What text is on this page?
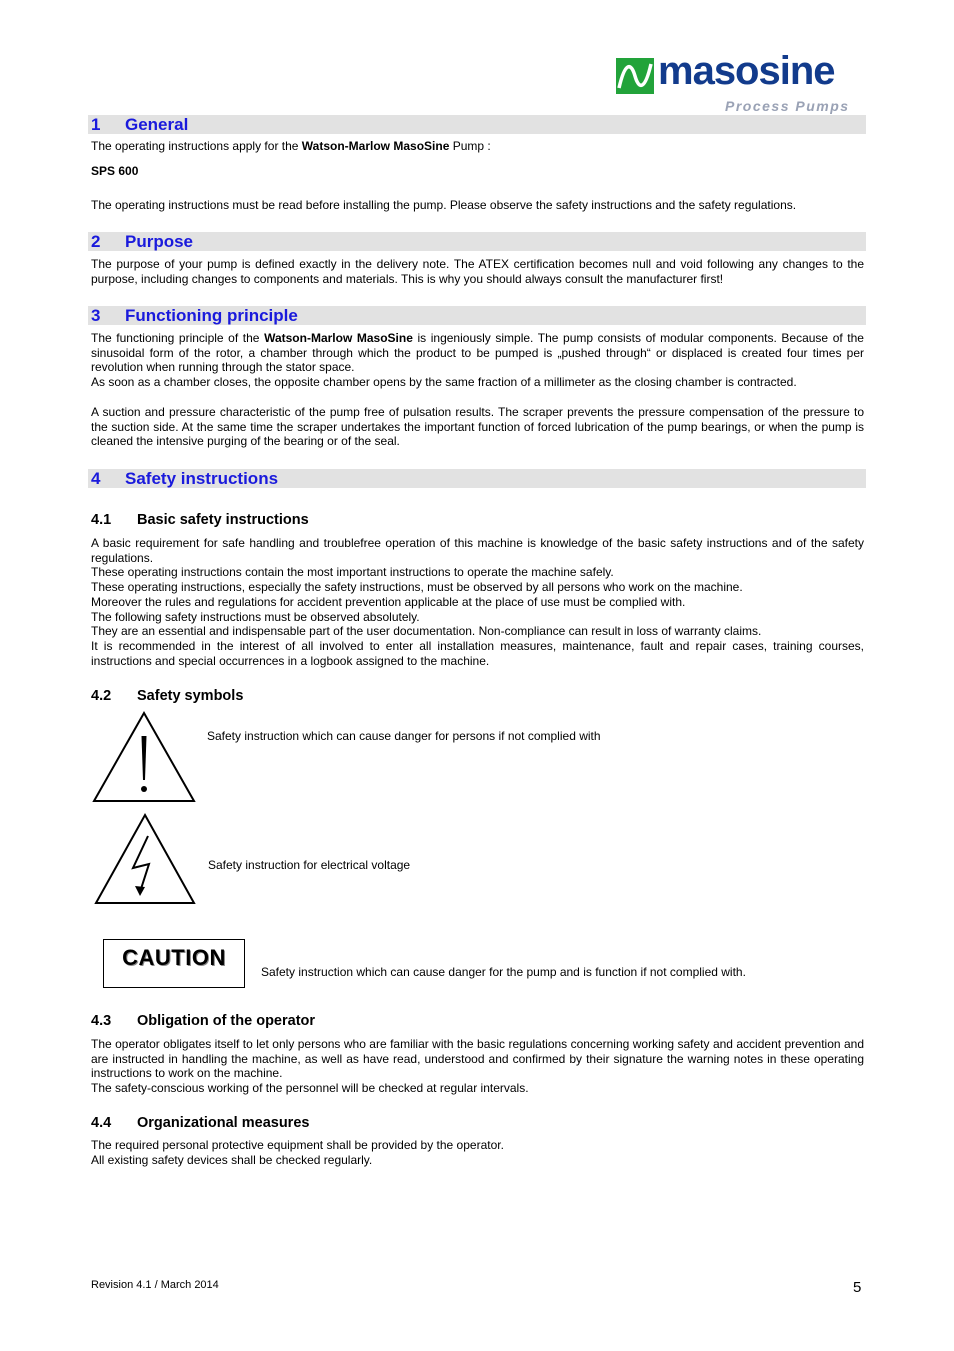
masosine
Process Pumps
1 General

The operating instructions apply for the Watson-Marlow MasoSine Pump :

SPS 600

The operating instructions must be read before installing the pump. Please observe the safety instructions and the safety regulations.

2 Purpose

The purpose of your pump is defined exactly in the delivery note. The ATEX certification becomes null and void following any changes to the purpose, including changes to components and materials. This is why you should always consult the manufacturer first!

3 Functioning principle

The functioning principle of the Watson-Marlow MasoSine is ingeniously simple. The pump consists of modular components. Because of the sinusoidal form of the rotor, a chamber through which the product to be pumped is „pushed through“ or displaced is created four times per revolution when running through the stator space.

As soon as a chamber closes, the opposite chamber opens by the same fraction of a millimeter as the closing chamber is contracted.

A suction and pressure characteristic of the pump free of pulsation results. The scraper prevents the pressure compensation of the pressure to the suction side. At the same time the scraper undertakes the important function of forced lubrication of the pump bearings, or when the pump is cleaned the intensive purging of the bearing or of the seal.

4 Safety instructions
4.1 Basic safety instructions

A basic requirement for safe handling and troublefree operation of this machine is knowledge of the basic safety instructions and of the safety regulations.

These operating instructions contain the most important instructions to operate the machine safely.

These operating instructions, especially the safety instructions, must be observed by all persons who work on the machine.

Moreover the rules and regulations for accident prevention applicable at the place of use must be complied with.

The following safety instructions must be observed absolutely.

They are an essential and indispensable part of the user documentation. Non-compliance can result in loss of warranty claims.

It is recommended in the interest of all involved to enter all installation measures, maintenance, fault and repair cases, training courses, instructions and special occurrences in a logbook assigned to the machine.

4.2 Safety symbols
Safety instruction which can cause danger for persons if not complied with
Safety instruction for electrical voltage
CAUTION
Safety instruction which can cause danger for the pump and is function if not complied with.
4.3 Obligation of the operator

The operator obligates itself to let only persons who are familiar with the basic regulations concerning working safety and accident prevention and are instructed in handling the machine, as well as have read, understood and confirmed by their signature the warning notes in these operating instructions to work on the machine.

The safety-conscious working of the personnel will be checked at regular intervals.

4.4 Organizational measures

The required personal protective equipment shall be provided by the operator.

All existing safety devices shall be checked regularly.

Revision 4.1 / March 2014	5
